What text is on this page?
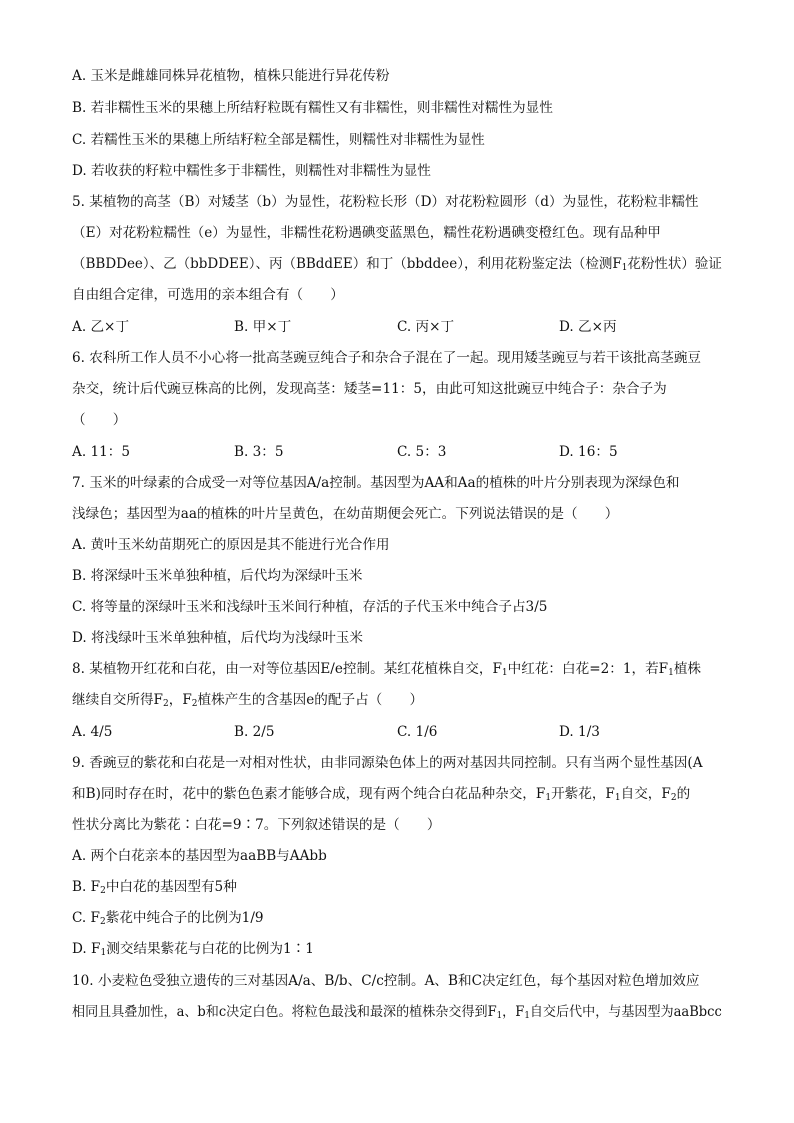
A. 玉米是雌雄同株异花植物，植株只能进行异花传粉
B. 若非糯性玉米的果穗上所结籽粒既有糯性又有非糯性，则非糯性对糯性为显性
C. 若糯性玉米的果穗上所结籽粒全部是糯性，则糯性对非糯性为显性
D. 若收获的籽粒中糯性多于非糯性，则糯性对非糯性为显性
5. 某植物的高茎（B）对矮茎（b）为显性，花粉粒长形（D）对花粉粒圆形（d）为显性，花粉粒非糯性
（E）对花粉粒糯性（e）为显性，非糯性花粉遇碘变蓝黑色，糯性花粉遇碘变橙红色。现有品种甲
（BBDDee）、乙（bbDDEE）、丙（BBddEE）和丁（bbddee），利用花粉鉴定法（检测$F_1$花粉性状）验证
自由组合定律，可选用的亲本组合有（　　）
A. 乙×丁	B. 甲×丁	C. 丙×丁	D. 乙×丙
6. 农科所工作人员不小心将一批高茎豌豆纯合子和杂合子混在了一起。现用矮茎豌豆与若干该批高茎豌豆
杂交，统计后代豌豆株高的比例，发现高茎：矮茎=11：5，由此可知这批豌豆中纯合子：杂合子为
（　　）
A. 11：5	B. 3：5	C. 5：3	D. 16：5
7. 玉米的叶绿素的合成受一对等位基因A/a控制。基因型为AA和Aa的植株的叶片分别表现为深绿色和
浅绿色；基因型为aa的植株的叶片呈黄色，在幼苗期便会死亡。下列说法错误的是（　　）
A. 黄叶玉米幼苗期死亡的原因是其不能进行光合作用
B. 将深绿叶玉米单独种植，后代均为深绿叶玉米
C. 将等量的深绿叶玉米和浅绿叶玉米间行种植，存活的子代玉米中纯合子占3/5
D. 将浅绿叶玉米单独种植，后代均为浅绿叶玉米
8. 某植物开红花和白花，由一对等位基因E/e控制。某红花植株自交，$F_1$中红花：白花=2：1，若$F_1$植株
继续自交所得$F_2$，$F_2$植株产生的含基因e的配子占（　　）
A. 4/5	B. 2/5	C. 1/6	D. 1/3
9. 香豌豆的紫花和白花是一对相对性状，由非同源染色体上的两对基因共同控制。只有当两个显性基因(A
和B)同时存在时，花中的紫色色素才能够合成，现有两个纯合白花品种杂交，$F_1$开紫花，$F_1$自交，$F_2$的
性状分离比为紫花∶白花=9∶7。下列叙述错误的是（　　）
A. 两个白花亲本的基因型为aaBB与AAbb
B. $F_2$中白花的基因型有5种
C. $F_2$紫花中纯合子的比例为1/9
D. $F_1$测交结果紫花与白花的比例为1∶1
10. 小麦粒色受独立遗传的三对基因A/a、B/b、C/c控制。A、B和C决定红色，每个基因对粒色增加效应
相同且具叠加性，a、b和c决定白色。将粒色最浅和最深的植株杂交得到$F_1$，$F_1$自交后代中，与基因型为aaBbcc
